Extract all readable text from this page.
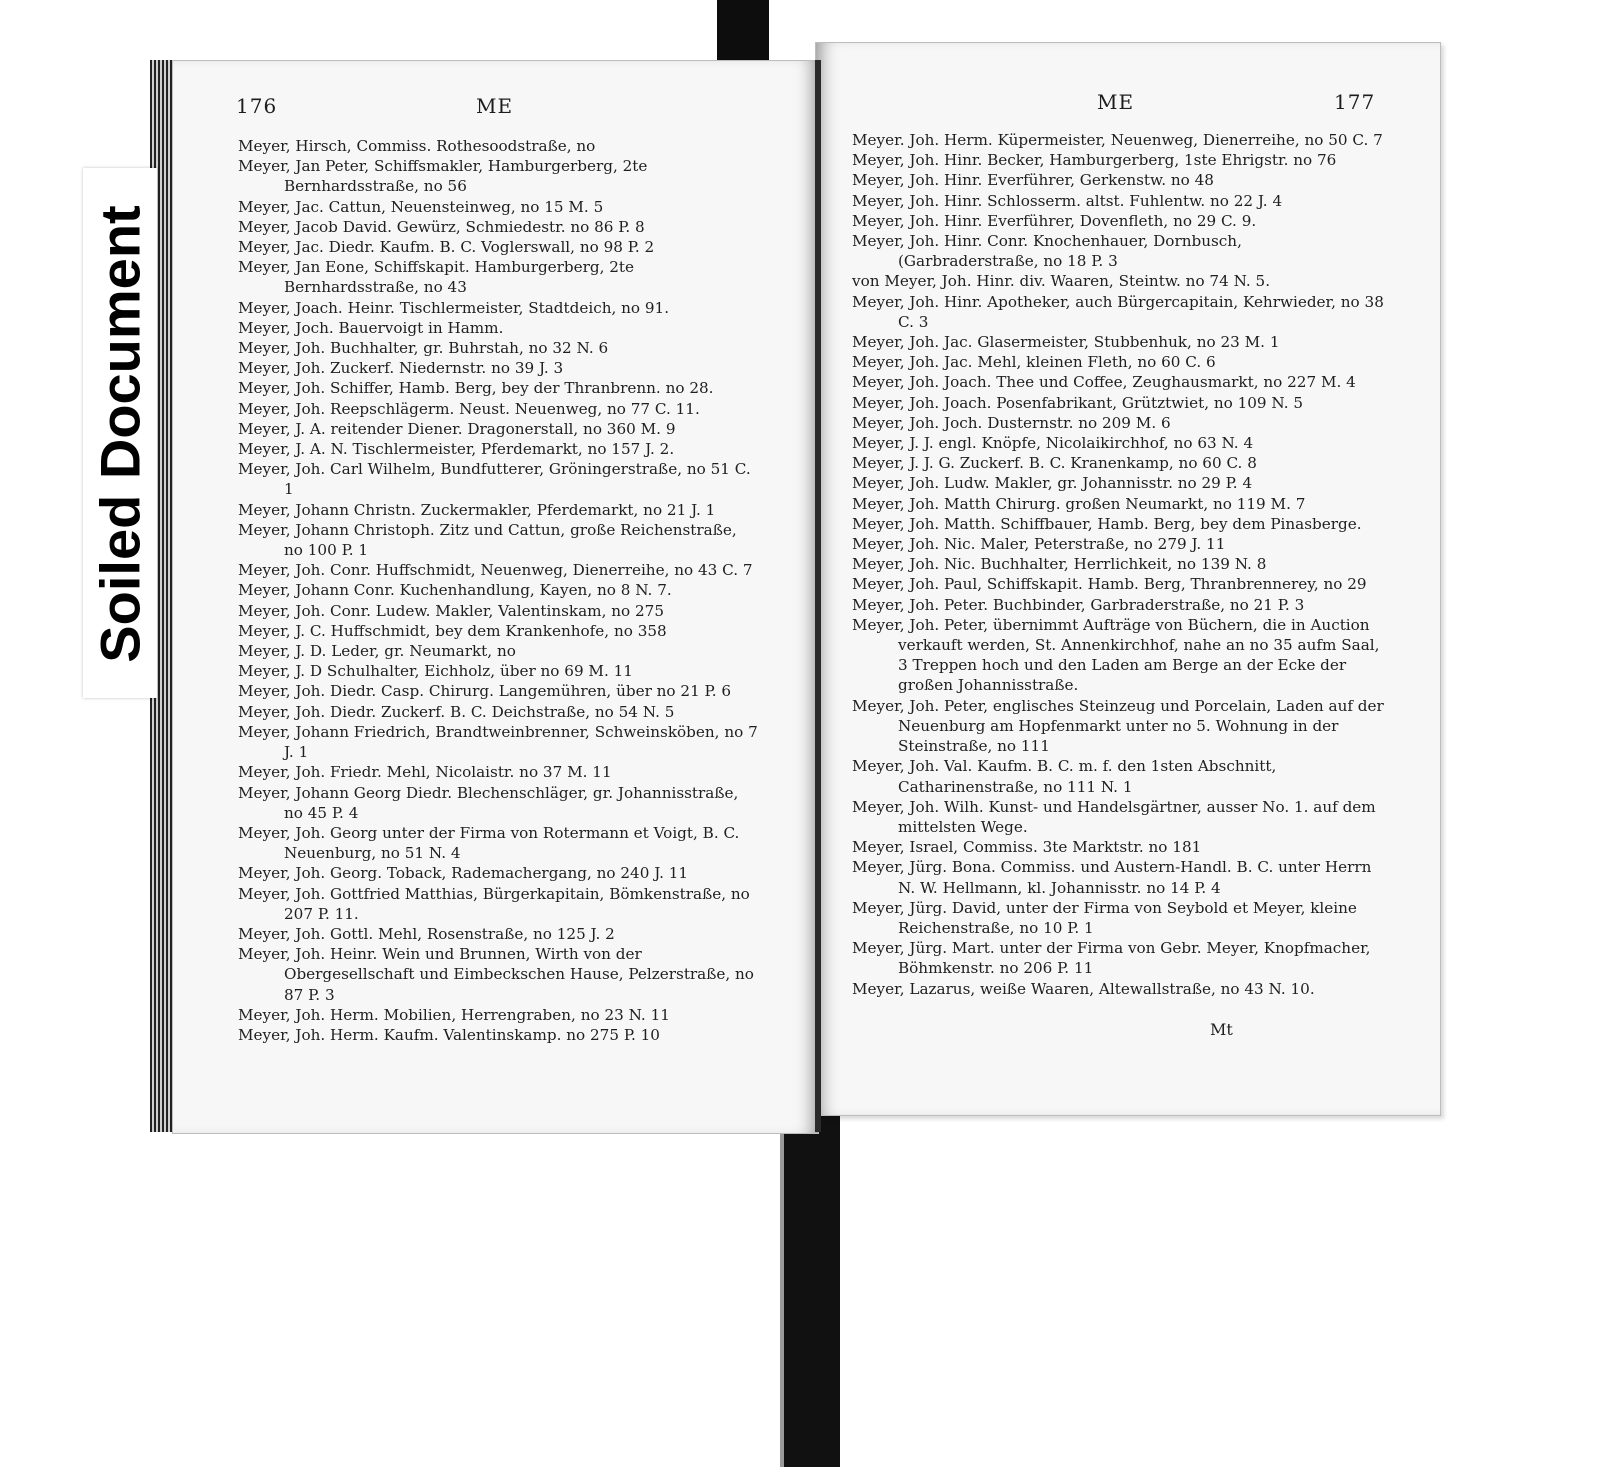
176	ME	ME	177
Meyer, Hirsch, Commiss. Rothesoodstraße, no
Meyer, Jan Peter, Schiffsmakler, Hamburgerberg, 2te Bernhardsstraße, no 56
Meyer, Jac. Cattun, Neuensteinweg, no 15 M. 5
Meyer, Jacob David. Gewürz, Schmiedestr. no 86 P. 8
Meyer, Jac. Diedr. Kaufm. B. C. Voglerswall, no 98 P. 2
Meyer, Jan Eone, Schiffskapit. Hamburgerberg, 2te Bernhardsstraße, no 43
Meyer, Joach. Heinr. Tischlermeister, Stadtdeich, no 91.
Meyer, Joch. Bauervoigt in Hamm.
Meyer, Joh. Buchhalter, gr. Buhrstah, no 32 N. 6
Meyer, Joh. Zuckerf. Niedernstr. no 39 J. 3
Meyer, Joh. Schiffer, Hamb. Berg, bey der Thranbrenn. no 28.
Meyer, Joh. Reepschlägerm. Neust. Neuenweg, no 77 C. 11.
Meyer, J. A. reitender Diener. Dragonerstall, no 360 M. 9
Meyer, J. A. N. Tischlermeister, Pferdemarkt, no 157 J. 2.
Meyer, Joh. Carl Wilhelm, Bundfutterer, Gröningerstraße, no 51 C. 1
Meyer, Johann Christn. Zuckermakler, Pferdemarkt, no 21 J. 1
Meyer, Johann Christoph. Zitz und Cattun, große Reichenstraße, no 100 P. 1
Meyer, Joh. Conr. Huffschmidt, Neuenweg, Dienerreihe, no 43 C. 7
Meyer, Johann Conr. Kuchenhandlung, Kayen, no 8 N. 7.
Meyer, Joh. Conr. Ludew. Makler, Valentinskam, no 275
Meyer, J. C. Huffschmidt, bey dem Krankenhofe, no 358
Meyer, J. D. Leder, gr. Neumarkt, no
Meyer, J. D Schulhalter, Eichholz, über no 69 M. 11
Meyer, Joh. Diedr. Casp. Chirurg. Langemühren, über no 21 P. 6
Meyer, Joh. Diedr. Zuckerf. B. C. Deichstraße, no 54 N. 5
Meyer, Johann Friedrich, Brandtweinbrenner, Schweinsköben, no 7 J. 1
Meyer, Joh. Friedr. Mehl, Nicolaistr. no 37 M. 11
Meyer, Johann Georg Diedr. Blechenschläger, gr. Johannisstraße, no 45 P. 4
Meyer, Joh. Georg unter der Firma von Rotermann et Voigt, B. C. Neuenburg, no 51 N. 4
Meyer, Joh. Georg. Toback, Rademachergang, no 240 J. 11
Meyer, Joh. Gottfried Matthias, Bürgerkapitain, Bömkenstraße, no 207 P. 11.
Meyer, Joh. Gottl. Mehl, Rosenstraße, no 125 J. 2
Meyer, Joh. Heinr. Wein und Brunnen, Wirth von der Obergesellschaft und Eimbeckschen Hause, Pelzerstraße, no 87 P. 3
Meyer, Joh. Herm. Mobilien, Herrengraben, no 23 N. 11
Meyer, Joh. Herm. Kaufm. Valentinskamp. no 275 P. 10
Meyer. Joh. Herm. Küpermeister, Neuenweg, Dienerreihe, no 50 C. 7
Meyer, Joh. Hinr. Becker, Hamburgerberg, 1ste Ehrigstr. no 76
Meyer, Joh. Hinr. Everführer, Gerkenstw. no 48
Meyer, Joh. Hinr. Schlosserm. altst. Fuhlentw. no 22 J. 4
Meyer, Joh. Hinr. Everführer, Dovenfleth, no 29 C. 9.
Meyer, Joh. Hinr. Conr. Knochenhauer, Dornbusch, (Garbraderstraße, no 18 P. 3
von Meyer, Joh. Hinr. div. Waaren, Steintw. no 74 N. 5.
Meyer, Joh. Hinr. Apotheker, auch Bürgercapitain, Kehrwieder, no 38 C. 3
Meyer, Joh. Jac. Glasermeister, Stubbenhuk, no 23 M. 1
Meyer, Joh. Jac. Mehl, kleinen Fleth, no 60 C. 6
Meyer, Joh. Joach. Thee und Coffee, Zeughausmarkt, no 227 M. 4
Meyer, Joh. Joach. Posenfabrikant, Grütztwiet, no 109 N. 5
Meyer, Joh. Joch. Dusternstr. no 209 M. 6
Meyer, J. J. engl. Knöpfe, Nicolaikirchhof, no 63 N. 4
Meyer, J. J. G. Zuckerf. B. C. Kranenkamp, no 60 C. 8
Meyer, Joh. Ludw. Makler, gr. Johannisstr. no 29 P. 4
Meyer, Joh. Matth Chirurg. großen Neumarkt, no 119 M. 7
Meyer, Joh. Matth. Schiffbauer, Hamb. Berg, bey dem Pinasberge.
Meyer, Joh. Nic. Maler, Peterstraße, no 279 J. 11
Meyer, Joh. Nic. Buchhalter, Herrlichkeit, no 139 N. 8
Meyer, Joh. Paul, Schiffskapit. Hamb. Berg, Thranbrennerey, no 29
Meyer, Joh. Peter. Buchbinder, Garbraderstraße, no 21 P. 3
Meyer, Joh. Peter, übernimmt Aufträge von Büchern, die in Auction verkauft werden, St. Annenkirchhof, nahe an no 35 aufm Saal, 3 Treppen hoch und den Laden am Berge an der Ecke der großen Johannisstraße.
Meyer, Joh. Peter, englisches Steinzeug und Porcelain, Laden auf der Neuenburg am Hopfenmarkt unter no 5. Wohnung in der Steinstraße, no 111
Meyer, Joh. Val. Kaufm. B. C. m. f. den 1sten Abschnitt, Catharinenstraße, no 111 N. 1
Meyer, Joh. Wilh. Kunst- und Handelsgärtner, ausser No. 1. auf dem mittelsten Wege.
Meyer, Israel, Commiss. 3te Marktstr. no 181
Meyer, Jürg. Bona. Commiss. und Austern-Handl. B. C. unter Herrn N. W. Hellmann, kl. Johannisstr. no 14 P. 4
Meyer, Jürg. David, unter der Firma von Seybold et Meyer, kleine Reichenstraße, no 10 P. 1
Meyer, Jürg. Mart. unter der Firma von Gebr. Meyer, Knopfmacher, Böhmkenstr. no 206 P. 11
Meyer, Lazarus, weiße Waaren, Altewallstraße, no 43 N. 10.
Mt
Soiled Document
